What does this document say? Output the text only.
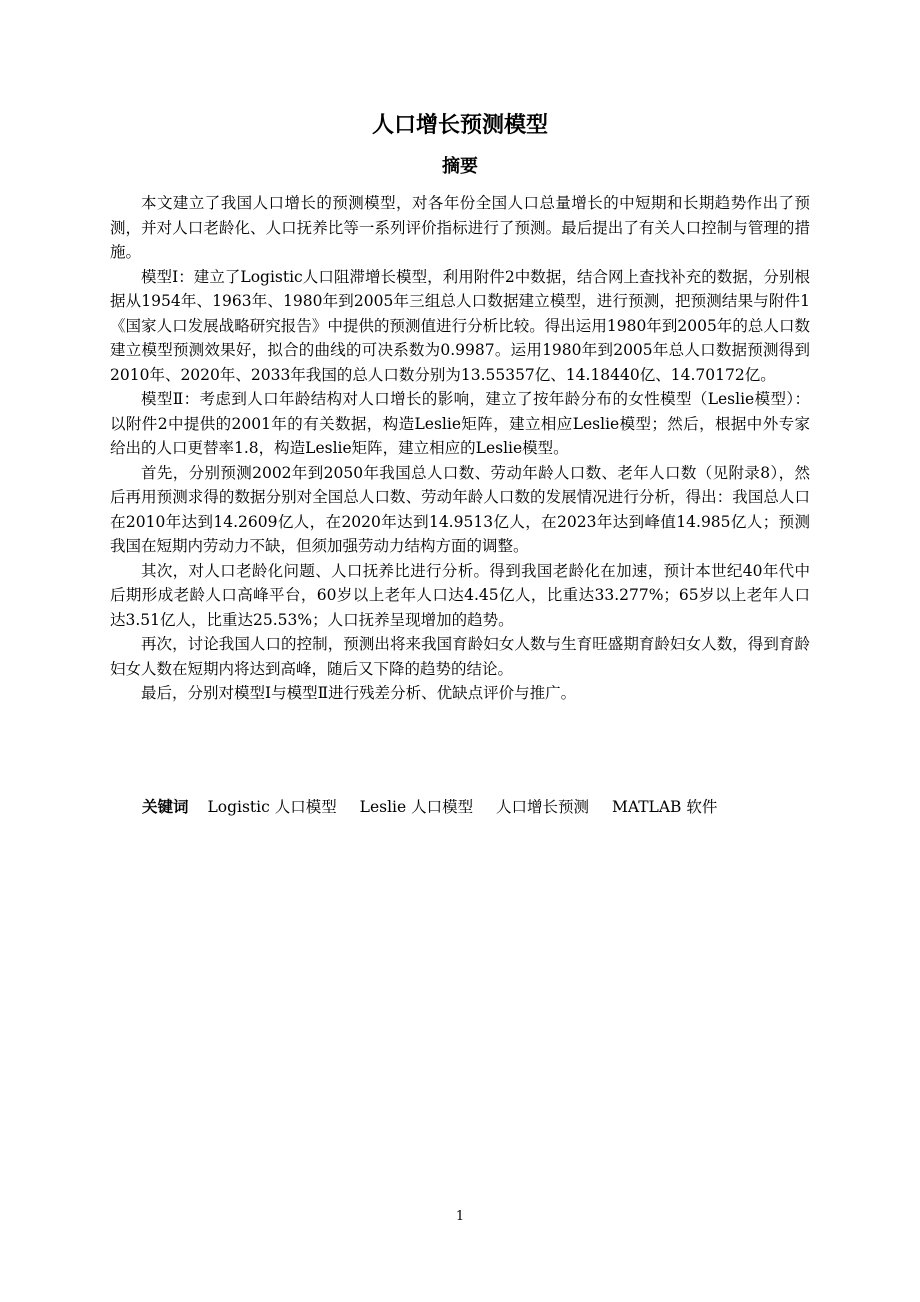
人口增长预测模型
摘要

本文建立了我国人口增长的预测模型，对各年份全国人口总量增长的中短期和长期趋势作出了预测，并对人口老龄化、人口抚养比等一系列评价指标进行了预测。最后提出了有关人口控制与管理的措施。

模型Ⅰ：建立了Logistic人口阻滞增长模型，利用附件2中数据，结合网上查找补充的数据，分别根据从1954年、1963年、1980年到2005年三组总人口数据建立模型，进行预测，把预测结果与附件1《国家人口发展战略研究报告》中提供的预测值进行分析比较。得出运用1980年到2005年的总人口数建立模型预测效果好，拟合的曲线的可决系数为0.9987。运用1980年到2005年总人口数据预测得到2010年、2020年、2033年我国的总人口数分别为13.55357亿、14.18440亿、14.70172亿。

模型Ⅱ：考虑到人口年龄结构对人口增长的影响，建立了按年龄分布的女性模型（Leslie模型）：以附件2中提供的2001年的有关数据，构造Leslie矩阵，建立相应Leslie模型；然后，根据中外专家给出的人口更替率1.8，构造Leslie矩阵，建立相应的Leslie模型。

首先，分别预测2002年到2050年我国总人口数、劳动年龄人口数、老年人口数（见附录8），然后再用预测求得的数据分别对全国总人口数、劳动年龄人口数的发展情况进行分析，得出：我国总人口在2010年达到14.2609亿人，在2020年达到14.9513亿人，在2023年达到峰值14.985亿人；预测我国在短期内劳动力不缺，但须加强劳动力结构方面的调整。

其次，对人口老龄化问题、人口抚养比进行分析。得到我国老龄化在加速，预计本世纪40年代中后期形成老龄人口高峰平台，60岁以上老年人口达4.45亿人，比重达33.277%；65岁以上老年人口达3.51亿人，比重达25.53%；人口抚养呈现增加的趋势。

再次，讨论我国人口的控制，预测出将来我国育龄妇女人数与生育旺盛期育龄妇女人数，得到育龄妇女人数在短期内将达到高峰，随后又下降的趋势的结论。

最后，分别对模型Ⅰ与模型Ⅱ进行残差分析、优缺点评价与推广。

关键词 Logistic 人口模型 Leslie 人口模型 人口增长预测 MATLAB 软件
1
